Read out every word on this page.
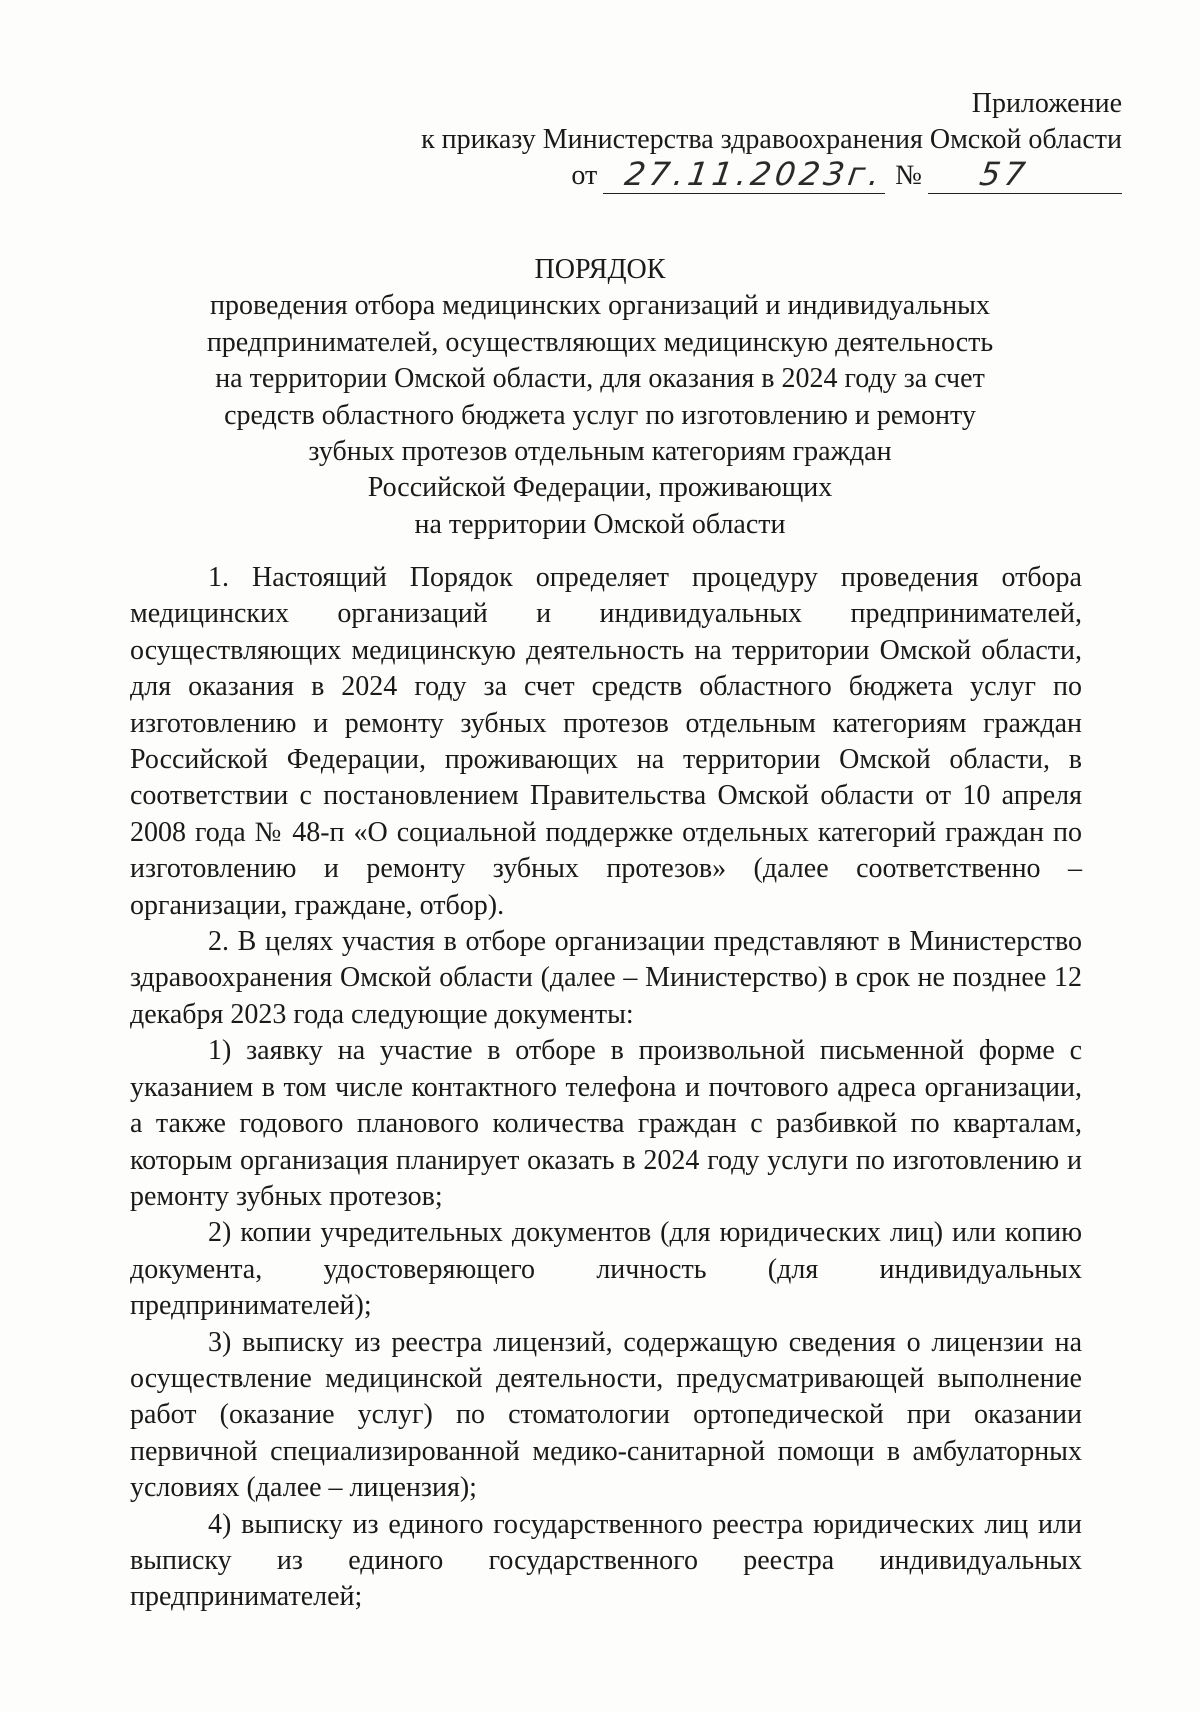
Приложение
к приказу Министерства здравоохранения Омской области
от 27.11.2023г. № 57
ПОРЯДОК
проведения отбора медицинских организаций и индивидуальных
предпринимателей, осуществляющих медицинскую деятельность
на территории Омской области, для оказания в 2024 году за счет
средств областного бюджета услуг по изготовлению и ремонту
зубных протезов отдельным категориям граждан
Российской Федерации, проживающих
на территории Омской области

1. Настоящий Порядок определяет процедуру проведения отбора медицинских организаций и индивидуальных предпринимателей, осуществляющих медицинскую деятельность на территории Омской области, для оказания в 2024 году за счет средств областного бюджета услуг по изготовлению и ремонту зубных протезов отдельным категориям граждан Российской Федерации, проживающих на территории Омской области, в соответствии с постановлением Правительства Омской области от 10 апреля 2008 года № 48-п «О социальной поддержке отдельных категорий граждан по изготовлению и ремонту зубных протезов» (далее соответственно – организации, граждане, отбор).

2. В целях участия в отборе организации представляют в Министерство здравоохранения Омской области (далее – Министерство) в срок не позднее 12 декабря 2023 года следующие документы:

1) заявку на участие в отборе в произвольной письменной форме с указанием в том числе контактного телефона и почтового адреса организации, а также годового планового количества граждан с разбивкой по кварталам, которым организация планирует оказать в 2024 году услуги по изготовлению и ремонту зубных протезов;

2) копии учредительных документов (для юридических лиц) или копию документа, удостоверяющего личность (для индивидуальных предпринимателей);

3) выписку из реестра лицензий, содержащую сведения о лицензии на осуществление медицинской деятельности, предусматривающей выполнение работ (оказание услуг) по стоматологии ортопедической при оказании первичной специализированной медико-санитарной помощи в амбулаторных условиях (далее – лицензия);

4) выписку из единого государственного реестра юридических лиц или выписку из единого государственного реестра индивидуальных предпринимателей;
